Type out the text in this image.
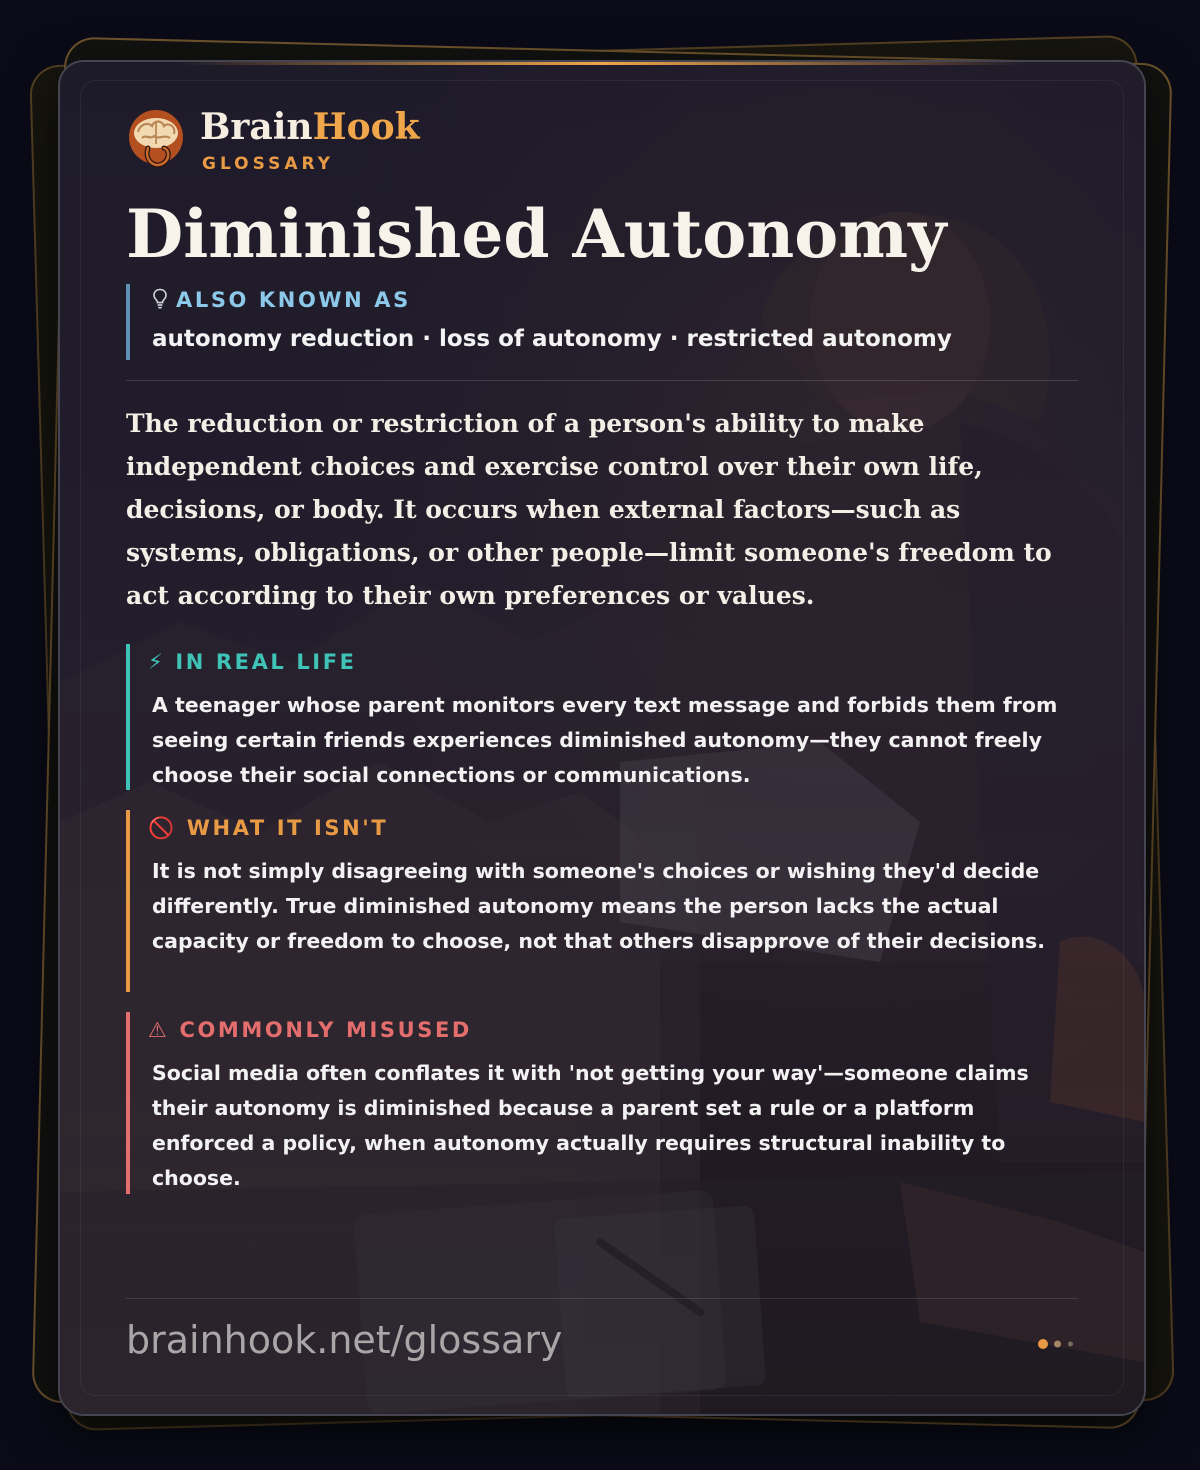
BrainHook
GLOSSARY
Diminished Autonomy
ALSO KNOWN AS
autonomy reduction · loss of autonomy · restricted autonomy

The reduction or restriction of a person's ability to make independent choices and exercise control over their own life, decisions, or body. It occurs when external factors—such as systems, obligations, or other people—limit someone's freedom to act according to their own preferences or values.

⚡ IN REAL LIFE

A teenager whose parent monitors every text message and forbids them from seeing certain friends experiences diminished autonomy—they cannot freely choose their social connections or communications.

🚫 WHAT IT ISN'T

It is not simply disagreeing with someone's choices or wishing they'd decide differently. True diminished autonomy means the person lacks the actual capacity or freedom to choose, not that others disapprove of their decisions.

⚠ COMMONLY MISUSED

Social media often conflates it with 'not getting your way'—someone claims their autonomy is diminished because a parent set a rule or a platform enforced a policy, when autonomy actually requires structural inability to choose.

brainhook.net/glossary
